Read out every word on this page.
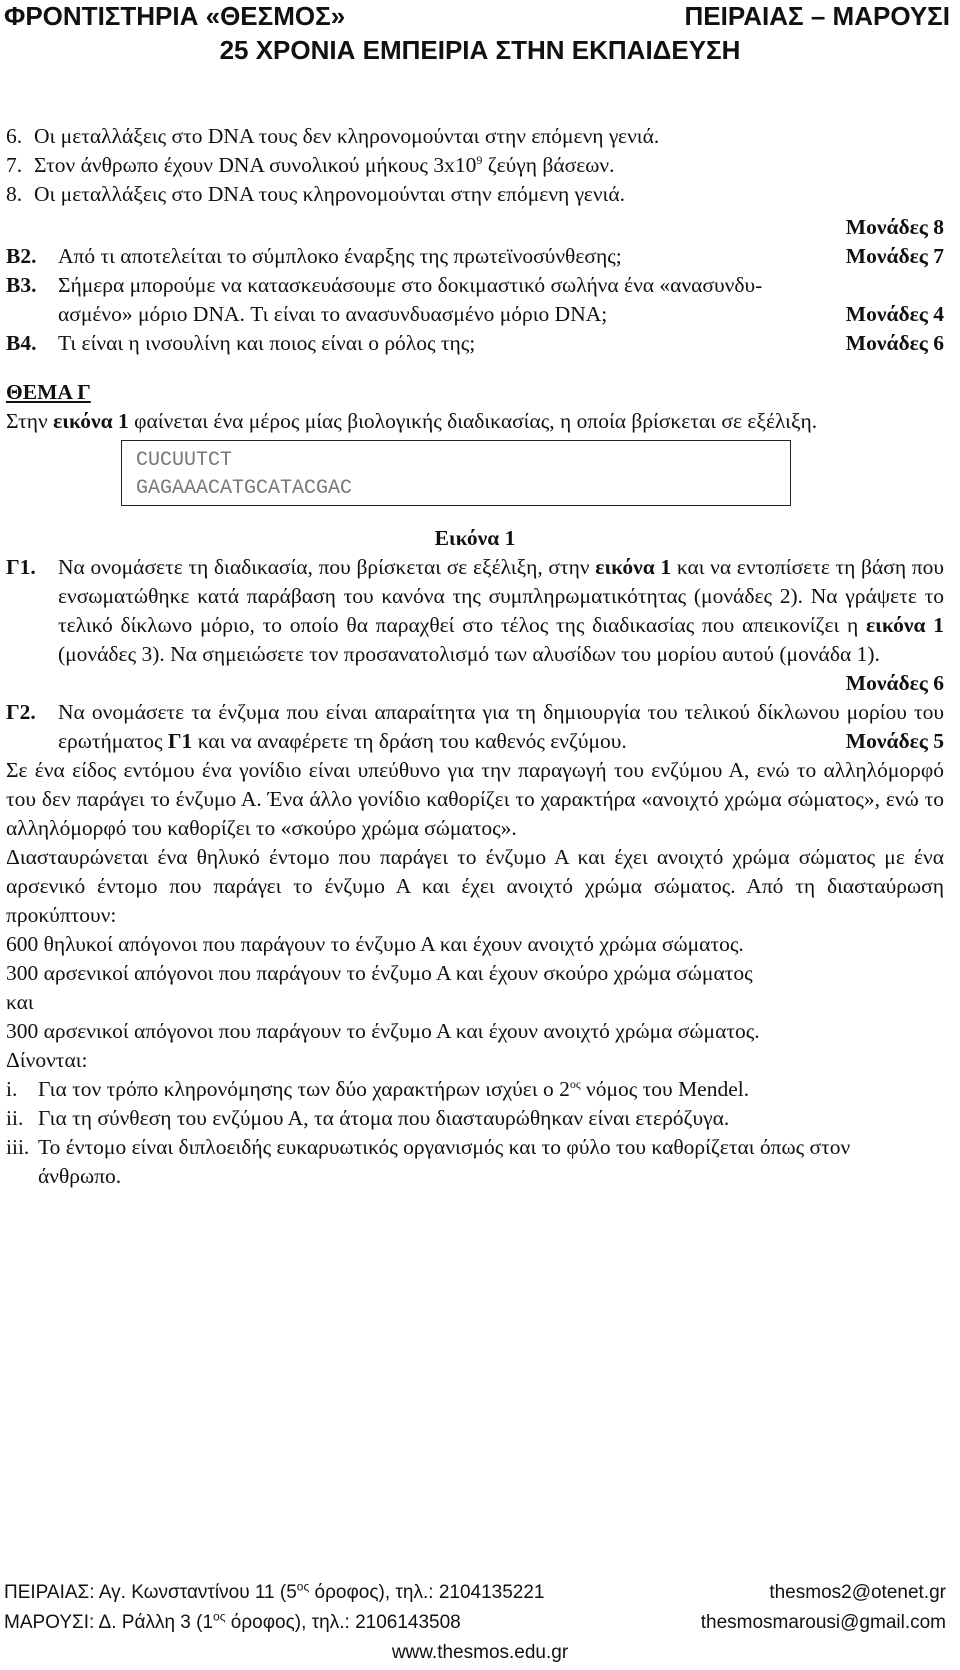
ΦΡΟΝΤΙΣΤΗΡΙΑ «ΘΕΣΜΟΣ»	ΠΕΙΡΑΙΑΣ – ΜΑΡΟΥΣΙ
25 ΧΡΟΝΙΑ ΕΜΠΕΙΡΙΑ ΣΤΗΝ ΕΚΠΑΙΔΕΥΣΗ
6. Οι μεταλλάξεις στο DNA τους δεν κληρονομούνται στην επόμενη γενιά.
7. Στον άνθρωπο έχουν DNA συνολικού μήκους $3x10^9$ ζεύγη βάσεων.
8. Οι μεταλλάξεις στο DNA τους κληρονομούνται στην επόμενη γενιά.
Μονάδες 8
Β2. Από τι αποτελείται το σύμπλοκο έναρξης της πρωτεϊνοσύνθεσης;	Μονάδες 7
Β3.	Σήμερα μπορούμε να κατασκευάσουμε στο δοκιμαστικό σωλήνα ένα «ανασυνδυ-
ασμένο» μόριο DNA. Τι είναι το ανασυνδυασμένο μόριο DNA;	Μονάδες 4
Β4. Τι είναι η ινσουλίνη και ποιος είναι ο ρόλος της;	Μονάδες 6
ΘΕΜΑ Γ
Στην εικόνα 1 φαίνεται ένα μέρος μίας βιολογικής διαδικασίας, η οποία βρίσκεται σε εξέλιξη.
CUCUUTCT
GAGAAACATGCATACGAC
Εικόνα 1
Γ1.	Να ονομάσετε τη διαδικασία, που βρίσκεται σε εξέλιξη, στην εικόνα 1 και να εντοπίσετε τη βάση που ενσωματώθηκε κατά παράβαση του κανόνα της συμπληρωματικότητας (μονάδες 2). Να γράψετε το τελικό δίκλωνο μόριο, το οποίο θα παραχθεί στο τέλος της διαδικασίας που απεικονίζει η εικόνα 1 (μονάδες 3). Να σημειώσετε τον προσανατολισμό των αλυσίδων του μορίου αυτού (μονάδα 1).
Μονάδες 6
Γ2.	Να ονομάσετε τα ένζυμα που είναι απαραίτητα για τη δημιουργία του τελικού δίκλωνου μορίου του ερωτήματος Γ1 και να αναφέρετε τη δράση του καθενός ενζύμου.	Μονάδες 5
Σε ένα είδος εντόμου ένα γονίδιο είναι υπεύθυνο για την παραγωγή του ενζύμου Α, ενώ το αλληλόμορφό του δεν παράγει το ένζυμο Α. Ένα άλλο γονίδιο καθορίζει το χαρακτήρα «ανοιχτό χρώμα σώματος», ενώ το αλληλόμορφό του καθορίζει το «σκούρο χρώμα σώματος».
Διασταυρώνεται ένα θηλυκό έντομο που παράγει το ένζυμο Α και έχει ανοιχτό χρώμα σώματος με ένα αρσενικό έντομο που παράγει το ένζυμο Α και έχει ανοιχτό χρώμα σώματος. Από τη διασταύρωση προκύπτουν:
600 θηλυκοί απόγονοι που παράγουν το ένζυμο Α και έχουν ανοιχτό χρώμα σώματος.
300 αρσενικοί απόγονοι που παράγουν το ένζυμο Α και έχουν σκούρο χρώμα σώματος
και
300 αρσενικοί απόγονοι που παράγουν το ένζυμο Α και έχουν ανοιχτό χρώμα σώματος.
Δίνονται:
i. Για τον τρόπο κληρονόμησης των δύο χαρακτήρων ισχύει ο $2^{o\varsigma}$ νόμος του Mendel.
ii. Για τη σύνθεση του ενζύμου Α, τα άτομα που διασταυρώθηκαν είναι ετερόζυγα.
iii. Το έντομο είναι διπλοειδής ευκαρυωτικός οργανισμός και το φύλο του καθορίζεται όπως στον άνθρωπο.
ΠΕΙΡΑΙΑΣ: Αγ. Κωνσταντίνου 11 ($5^{o\varsigma}$ όροφος), τηλ.: 2104135221	thesmos2@otenet.gr
ΜΑΡΟΥΣΙ: Δ. Ράλλη 3 ($1^{o\varsigma}$ όροφος), τηλ.: 2106143508	thesmosmarousi@gmail.com
www.thesmos.edu.gr
